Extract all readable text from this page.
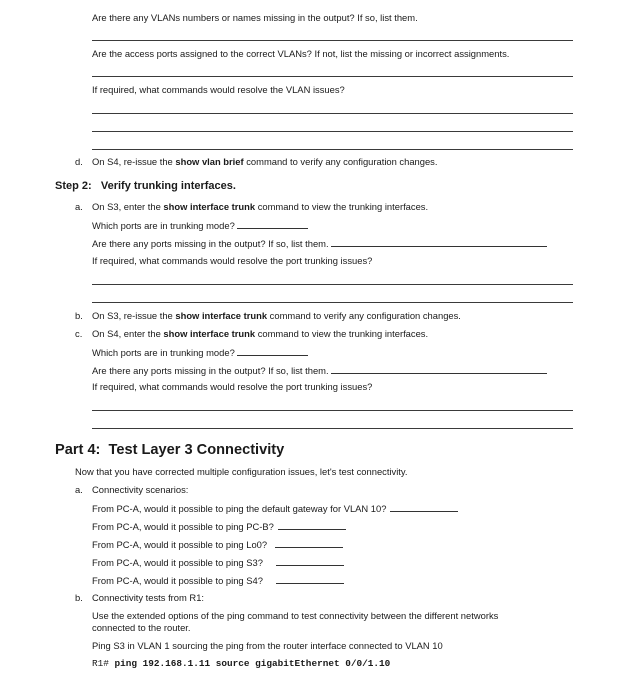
Are there any VLANs numbers or names missing in the output? If so, list them.
Are the access ports assigned to the correct VLANs? If not, list the missing or incorrect assignments.
If required, what commands would resolve the VLAN issues?
d. On S4, re-issue the show vlan brief command to verify any configuration changes.
Step 2: Verify trunking interfaces.
a. On S3, enter the show interface trunk command to view the trunking interfaces.
Which ports are in trunking mode?
Are there any ports missing in the output? If so, list them.
If required, what commands would resolve the port trunking issues?
b. On S3, re-issue the show interface trunk command to verify any configuration changes.
c. On S4, enter the show interface trunk command to view the trunking interfaces.
Which ports are in trunking mode?
Are there any ports missing in the output? If so, list them.
If required, what commands would resolve the port trunking issues?
Part 4: Test Layer 3 Connectivity
Now that you have corrected multiple configuration issues, let's test connectivity.
a. Connectivity scenarios:
From PC-A, would it possible to ping the default gateway for VLAN 10?
From PC-A, would it possible to ping PC-B?
From PC-A, would it possible to ping Lo0?
From PC-A, would it possible to ping S3?
From PC-A, would it possible to ping S4?
b. Connectivity tests from R1:
Use the extended options of the ping command to test connectivity between the different networks
connected to the router.
Ping S3 in VLAN 1 sourcing the ping from the router interface connected to VLAN 10
R1# ping 192.168.1.11 source gigabitEthernet 0/0/1.10
